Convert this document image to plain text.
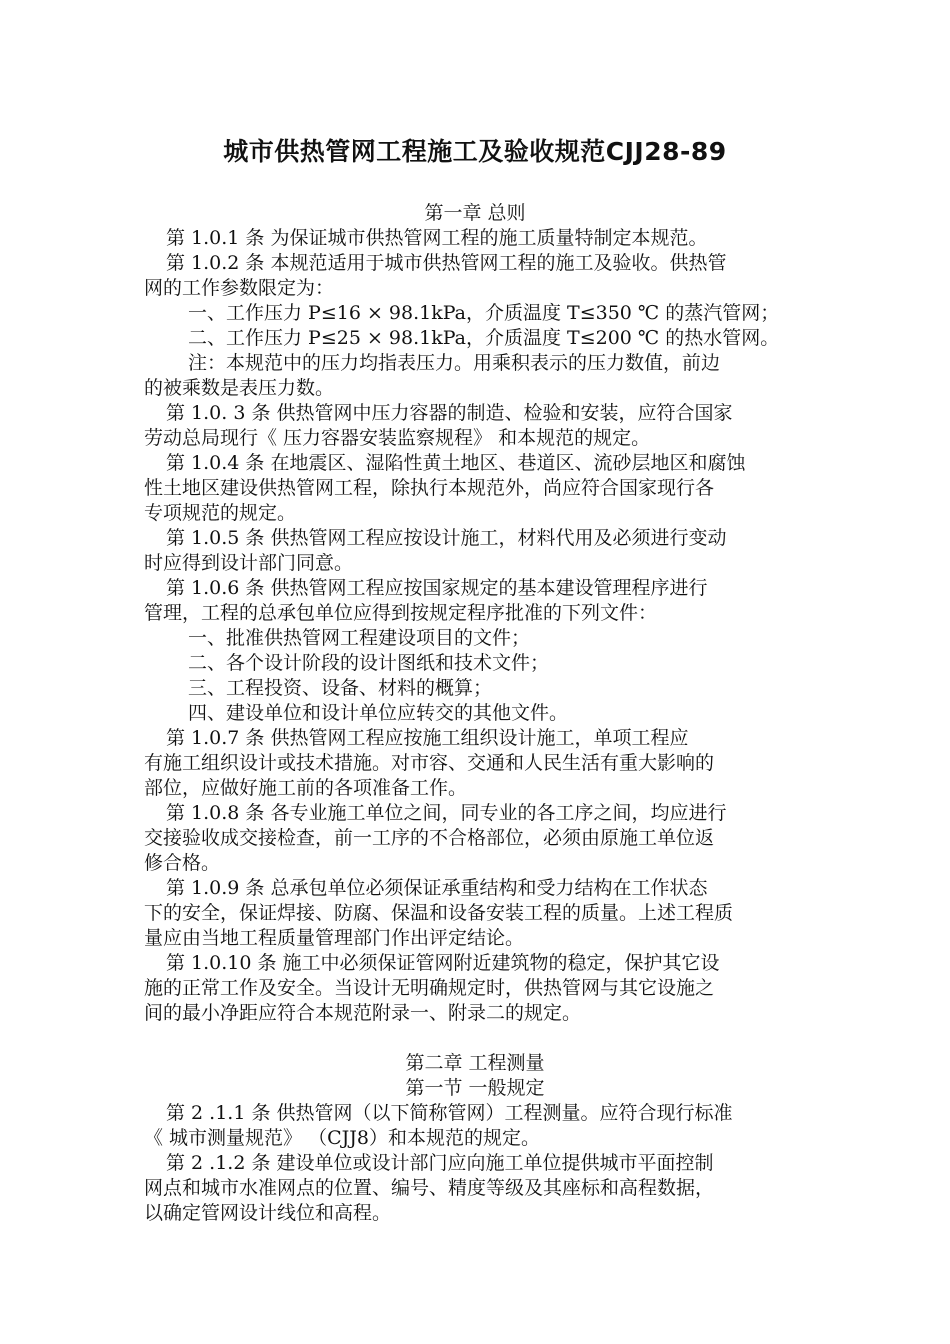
城市供热管网工程施工及验收规范CJJ28-89
第一章 总则
第 1.0.1 条 为保证城市供热管网工程的施工质量特制定本规范。
第 1.0.2 条 本规范适用于城市供热管网工程的施工及验收。供热管
网的工作参数限定为：
一、工作压力 P≤16 × 98.1kPa，介质温度 T≤350 ℃ 的蒸汽管网；
二、工作压力 P≤25 × 98.1kPa，介质温度 T≤200 ℃ 的热水管网。
注：本规范中的压力均指表压力。用乘积表示的压力数值，前边
的被乘数是表压力数。
第 1.0. 3 条 供热管网中压力容器的制造、检验和安装，应符合国家
劳动总局现行《 压力容器安装监察规程》 和本规范的规定。
第 1.0.4 条 在地震区、湿陷性黄土地区、巷道区、流砂层地区和腐蚀
性土地区建设供热管网工程，除执行本规范外，尚应符合国家现行各
专项规范的规定。
第 1.0.5 条 供热管网工程应按设计施工，材料代用及必须进行变动
时应得到设计部门同意。
第 1.0.6 条 供热管网工程应按国家规定的基本建设管理程序进行
管理，工程的总承包单位应得到按规定程序批准的下列文件：
一、批准供热管网工程建设项目的文件；
二、各个设计阶段的设计图纸和技术文件；
三、工程投资、设备、材料的概算；
四、建设单位和设计单位应转交的其他文件。
第 1.0.7 条 供热管网工程应按施工组织设计施工，单项工程应
有施工组织设计或技术措施。对市容、交通和人民生活有重大影响的
部位，应做好施工前的各项准备工作。
第 1.0.8 条 各专业施工单位之间，同专业的各工序之间，均应进行
交接验收成交接检查，前一工序的不合格部位，必须由原施工单位返
修合格。
第 1.0.9 条 总承包单位必须保证承重结构和受力结构在工作状态
下的安全，保证焊接、防腐、保温和设备安装工程的质量。上述工程质
量应由当地工程质量管理部门作出评定结论。
第 1.0.10 条 施工中必须保证管网附近建筑物的稳定，保护其它设
施的正常工作及安全。当设计无明确规定时，供热管网与其它设施之
间的最小净距应符合本规范附录一、附录二的规定。
第二章 工程测量
第一节 一般规定
第 2 .1.1 条 供热管网（以下简称管网）工程测量。应符合现行标准
《 城市测量规范》 （CJJ8）和本规范的规定。
第 2 .1.2 条 建设单位或设计部门应向施工单位提供城市平面控制
网点和城市水准网点的位置、编号、精度等级及其座标和高程数据，
以确定管网设计线位和高程。
